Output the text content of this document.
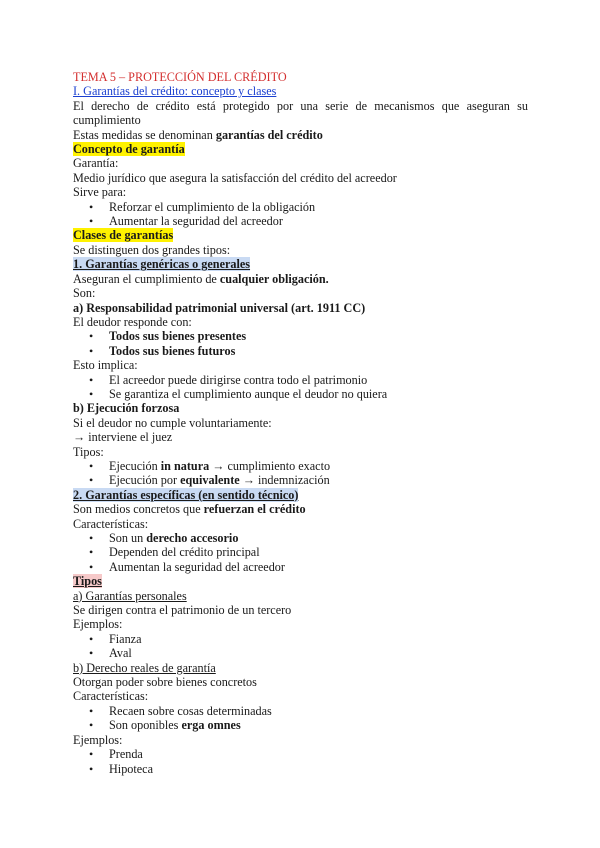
TEMA 5 – PROTECCIÓN DEL CRÉDITO
I. Garantías del crédito: concepto y clases
El derecho de crédito está protegido por una serie de mecanismos que aseguran su
cumplimiento
Estas medidas se denominan garantías del crédito
Concepto de garantía
Garantía:
Medio jurídico que asegura la satisfacción del crédito del acreedor
Sirve para:
• Reforzar el cumplimiento de la obligación
• Aumentar la seguridad del acreedor
Clases de garantías
Se distinguen dos grandes tipos:
1. Garantías genéricas o generales
Aseguran el cumplimiento de cualquier obligación.
Son:
a) Responsabilidad patrimonial universal (art. 1911 CC)
El deudor responde con:
• Todos sus bienes presentes
• Todos sus bienes futuros
Esto implica:
• El acreedor puede dirigirse contra todo el patrimonio
• Se garantiza el cumplimiento aunque el deudor no quiera
b) Ejecución forzosa
Si el deudor no cumple voluntariamente:
→ interviene el juez
Tipos:
• Ejecución in natura → cumplimiento exacto
• Ejecución por equivalente → indemnización
2. Garantías específicas (en sentido técnico)
Son medios concretos que refuerzan el crédito
Características:
• Son un derecho accesorio
• Dependen del crédito principal
• Aumentan la seguridad del acreedor
Tipos
a) Garantías personales
Se dirigen contra el patrimonio de un tercero
Ejemplos:
• Fianza
• Aval
b) Derecho reales de garantía
Otorgan poder sobre bienes concretos
Características:
• Recaen sobre cosas determinadas
• Son oponibles erga omnes
Ejemplos:
• Prenda
• Hipoteca
